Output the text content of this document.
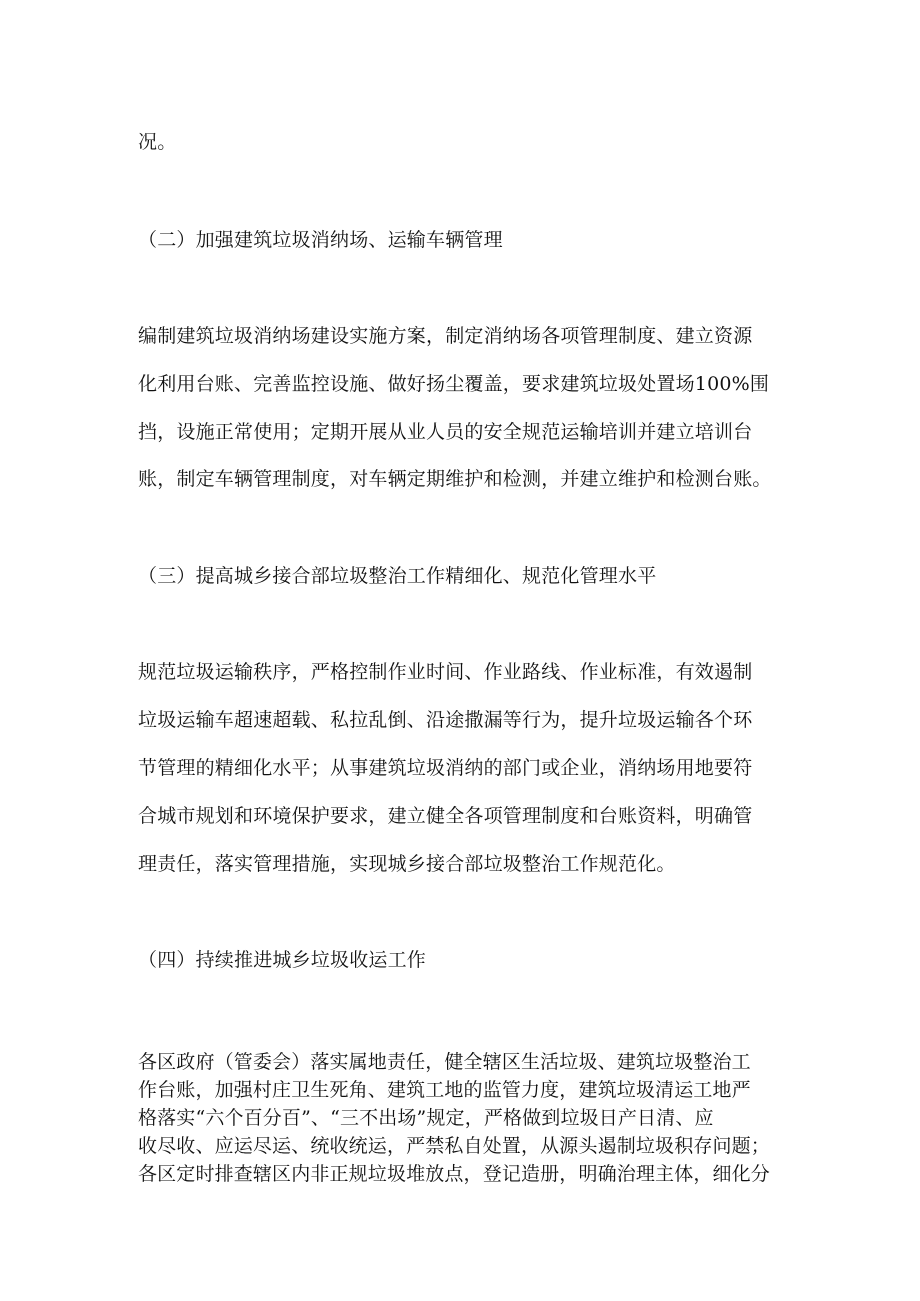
况。
（二）加强建筑垃圾消纳场、运输车辆管理
编制建筑垃圾消纳场建设实施方案，制定消纳场各项管理制度、建立资源
化利用台账、完善监控设施、做好扬尘覆盖，要求建筑垃圾处置场100%围
挡，设施正常使用；定期开展从业人员的安全规范运输培训并建立培训台
账，制定车辆管理制度，对车辆定期维护和检测，并建立维护和检测台账。
（三）提高城乡接合部垃圾整治工作精细化、规范化管理水平
规范垃圾运输秩序，严格控制作业时间、作业路线、作业标准，有效遏制
垃圾运输车超速超载、私拉乱倒、沿途撒漏等行为，提升垃圾运输各个环
节管理的精细化水平；从事建筑垃圾消纳的部门或企业，消纳场用地要符
合城市规划和环境保护要求，建立健全各项管理制度和台账资料，明确管
理责任，落实管理措施，实现城乡接合部垃圾整治工作规范化。
（四）持续推进城乡垃圾收运工作
各区政府（管委会）落实属地责任，健全辖区生活垃圾、建筑垃圾整治工
作台账，加强村庄卫生死角、建筑工地的监管力度，建筑垃圾清运工地严
格落实“六个百分百”、“三不出场”规定，严格做到垃圾日产日清、应
收尽收、应运尽运、统收统运，严禁私自处置，从源头遏制垃圾积存问题；
各区定时排查辖区内非正规垃圾堆放点，登记造册，明确治理主体，细化分
